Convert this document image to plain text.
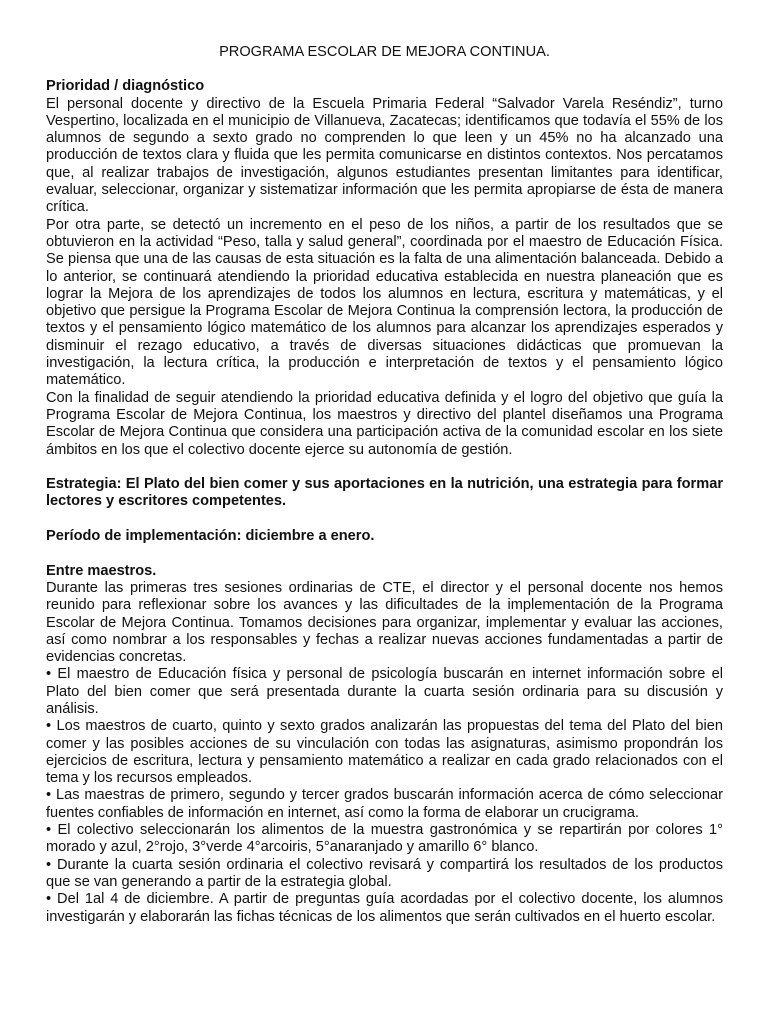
PROGRAMA ESCOLAR DE MEJORA CONTINUA.
Prioridad / diagnóstico

El personal docente y directivo de la Escuela Primaria Federal “Salvador Varela Reséndiz”, turno Vespertino, localizada en el municipio de Villanueva, Zacatecas; identificamos que todavía el 55% de los alumnos de segundo a sexto grado no comprenden lo que leen y un 45% no ha alcanzado una producción de textos clara y fluida que les permita comunicarse en distintos contextos. Nos percatamos que, al realizar trabajos de investigación, algunos estudiantes presentan limitantes para identificar, evaluar, seleccionar, organizar y sistematizar información que les permita apropiarse de ésta de manera crítica.

Por otra parte, se detectó un incremento en el peso de los niños, a partir de los resultados que se obtuvieron en la actividad “Peso, talla y salud general”, coordinada por el maestro de Educación Física. Se piensa que una de las causas de esta situación es la falta de una alimentación balanceada. Debido a lo anterior, se continuará atendiendo la prioridad educativa establecida en nuestra planeación que es lograr la Mejora de los aprendizajes de todos los alumnos en lectura, escritura y matemáticas, y el objetivo que persigue la Programa Escolar de Mejora Continua la comprensión lectora, la producción de textos y el pensamiento lógico matemático de los alumnos para alcanzar los aprendizajes esperados y disminuir el rezago educativo, a través de diversas situaciones didácticas que promuevan la investigación, la lectura crítica, la producción e interpretación de textos y el pensamiento lógico matemático.

Con la finalidad de seguir atendiendo la prioridad educativa definida y el logro del objetivo que guía la Programa Escolar de Mejora Continua, los maestros y directivo del plantel diseñamos una Programa Escolar de Mejora Continua que considera una participación activa de la comunidad escolar en los siete ámbitos en los que el colectivo docente ejerce su autonomía de gestión.

Estrategia: El Plato del bien comer y sus aportaciones en la nutrición, una estrategia para formar lectores y escritores competentes.

Período de implementación: diciembre a enero.

Entre maestros.

Durante las primeras tres sesiones ordinarias de CTE, el director y el personal docente nos hemos reunido para reflexionar sobre los avances y las dificultades de la implementación de la Programa Escolar de Mejora Continua. Tomamos decisiones para organizar, implementar y evaluar las acciones, así como nombrar a los responsables y fechas a realizar nuevas acciones fundamentadas a partir de evidencias concretas.

• El maestro de Educación física y personal de psicología buscarán en internet información sobre el Plato del bien comer que será presentada durante la cuarta sesión ordinaria para su discusión y análisis.

• Los maestros de cuarto, quinto y sexto grados analizarán las propuestas del tema del Plato del bien comer y las posibles acciones de su vinculación con todas las asignaturas, asimismo propondrán los ejercicios de escritura, lectura y pensamiento matemático a realizar en cada grado relacionados con el tema y los recursos empleados.

• Las maestras de primero, segundo y tercer grados buscarán información acerca de cómo seleccionar fuentes confiables de información en internet, así como la forma de elaborar un crucigrama.

• El colectivo seleccionarán los alimentos de la muestra gastronómica y se repartirán por colores 1° morado y azul, 2°rojo, 3°verde 4°arcoiris, 5°anaranjado y amarillo 6° blanco.

• Durante la cuarta sesión ordinaria el colectivo revisará y compartirá los resultados de los productos que se van generando a partir de la estrategia global.

• Del 1al 4 de diciembre. A partir de preguntas guía acordadas por el colectivo docente, los alumnos investigarán y elaborarán las fichas técnicas de los alimentos que serán cultivados en el huerto escolar.
